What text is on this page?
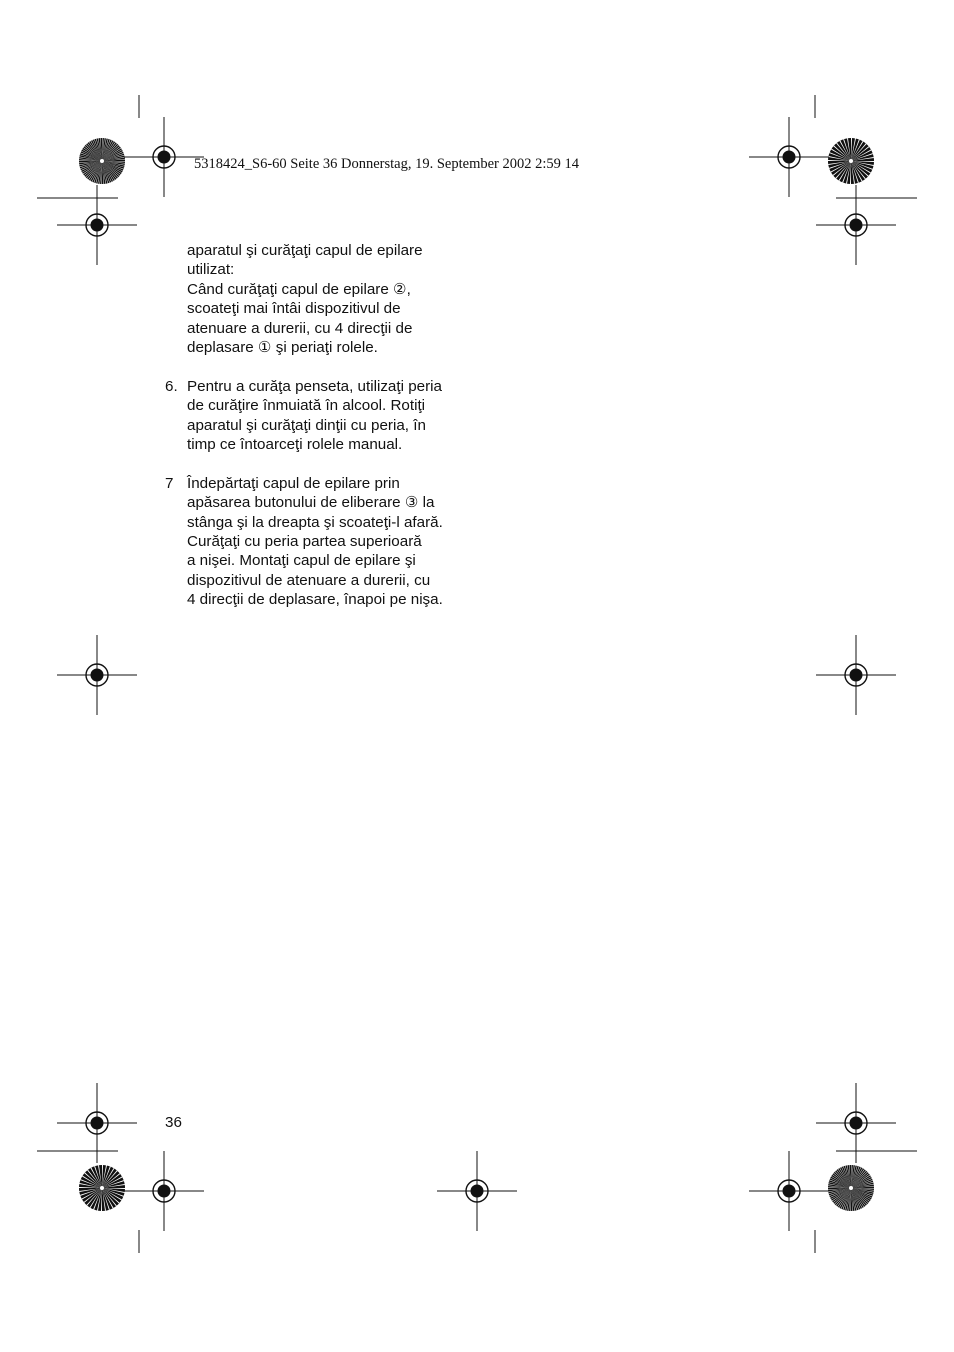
5318424_S6-60 Seite 36 Donnerstag, 19. September 2002 2:59 14
aparatul şi curăţaţi capul de epilare
utilizat:
Când curăţaţi capul de epilare ②,
scoateţi mai întâi dispozitivul de
atenuare a durerii, cu 4 direcţii de
deplasare ① şi periaţi rolele.
6. Pentru a curăţa penseta, utilizaţi peria
de curăţire înmuiată în alcool. Rotiţi
aparatul şi curăţaţi dinţii cu peria, în
timp ce întoarceţi rolele manual.
7 Îndepărtaţi capul de epilare prin
apăsarea butonului de eliberare ③ la
stânga şi la dreapta şi scoateţi-l afară.
Curăţaţi cu peria partea superioară
a nişei. Montaţi capul de epilare şi
dispozitivul de atenuare a durerii, cu
4 direcţii de deplasare, înapoi pe nişa.
36
